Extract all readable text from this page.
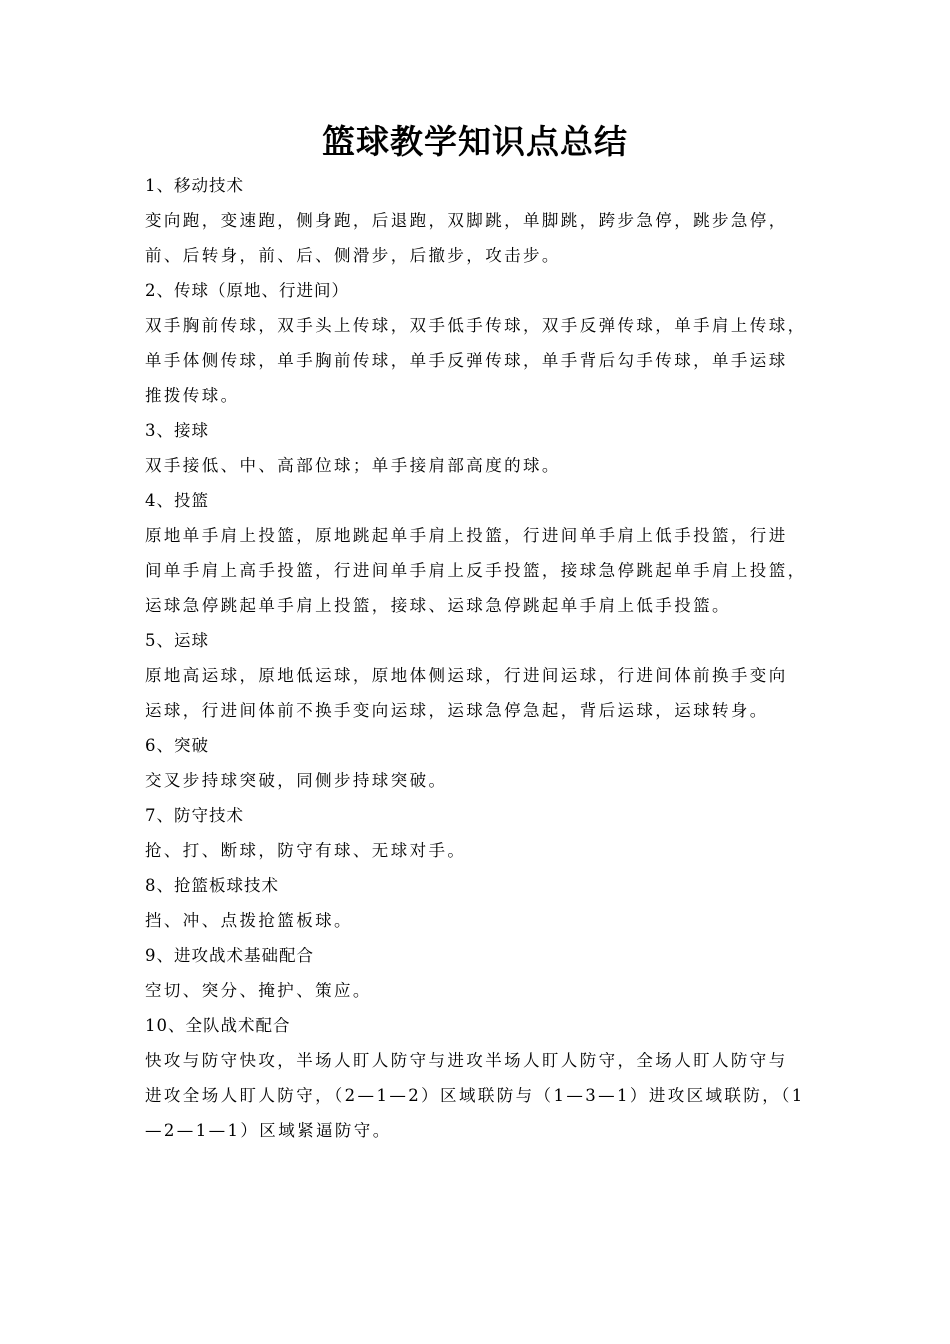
篮球教学知识点总结
1、移动技术
变向跑，变速跑，侧身跑，后退跑，双脚跳，单脚跳，跨步急停，跳步急停，
前、后转身，前、后、侧滑步，后撤步，攻击步。
2、传球（原地、行进间）
双手胸前传球，双手头上传球，双手低手传球，双手反弹传球，单手肩上传球，
单手体侧传球，单手胸前传球，单手反弹传球，单手背后勾手传球，单手运球
推拨传球。
3、接球
双手接低、中、高部位球；单手接肩部高度的球。
4、投篮
原地单手肩上投篮，原地跳起单手肩上投篮，行进间单手肩上低手投篮，行进
间单手肩上高手投篮，行进间单手肩上反手投篮，接球急停跳起单手肩上投篮，
运球急停跳起单手肩上投篮，接球、运球急停跳起单手肩上低手投篮。
5、运球
原地高运球，原地低运球，原地体侧运球，行进间运球，行进间体前换手变向
运球，行进间体前不换手变向运球，运球急停急起，背后运球，运球转身。
6、突破
交叉步持球突破，同侧步持球突破。
7、防守技术
抢、打、断球，防守有球、无球对手。
8、抢篮板球技术
挡、冲、点拨抢篮板球。
9、进攻战术基础配合
空切、突分、掩护、策应。
10、全队战术配合
快攻与防守快攻，半场人盯人防守与进攻半场人盯人防守，全场人盯人防守与
进攻全场人盯人防守，（2—1—2）区域联防与（1—3—1）进攻区域联防，（1
—2—1—1）区域紧逼防守。
